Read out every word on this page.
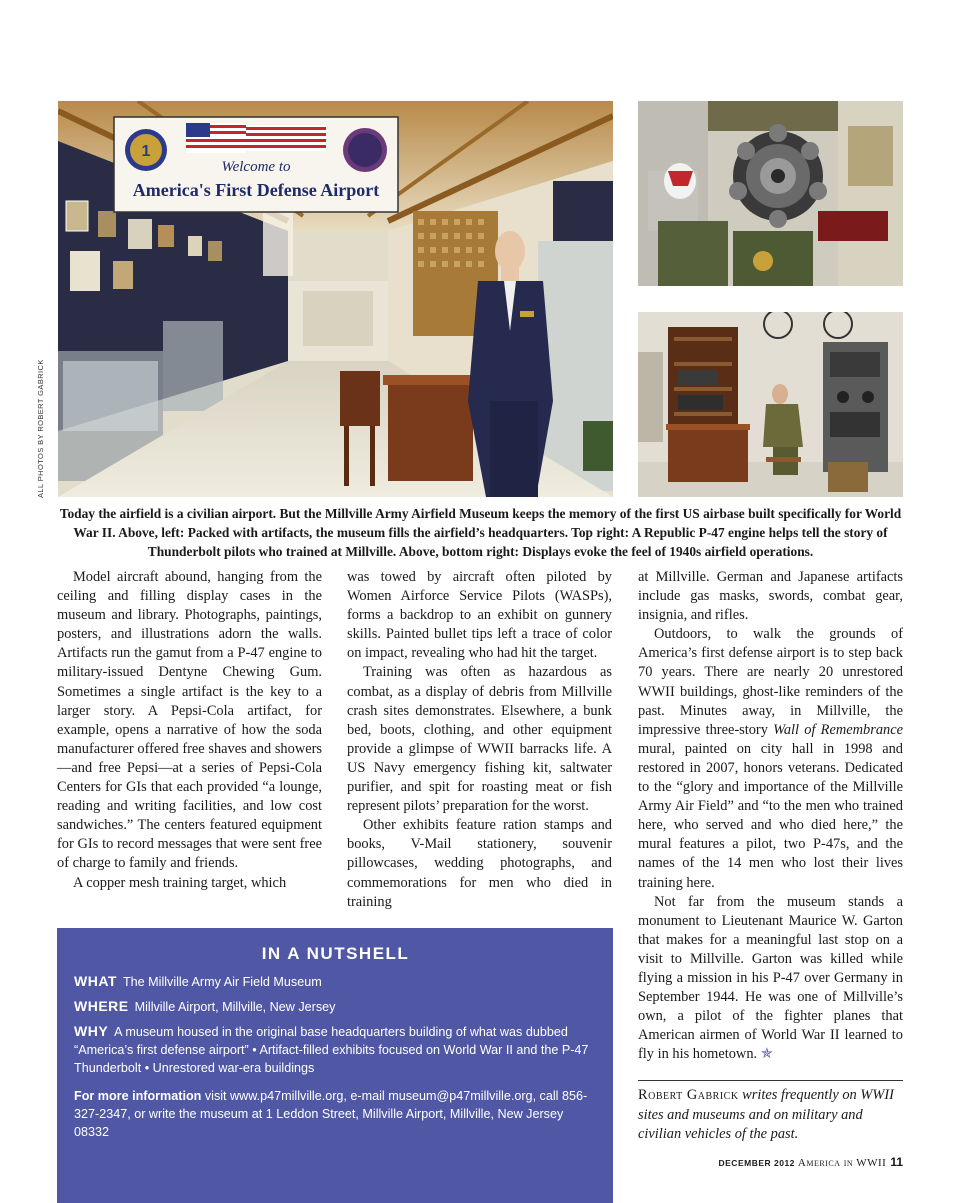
Welcome to
America's First Defense Airport
1
ALL PHOTOS BY ROBERT GABRICK
Today the airfield is a civilian airport. But the Millville Army Airfield Museum keeps the memory of the first US airbase built specifically for World War II. Above, left: Packed with artifacts, the museum fills the airfield’s headquarters. Top right: A Republic P-47 engine helps tell the story of Thunderbolt pilots who trained at Millville. Above, bottom right: Displays evoke the feel of 1940s airfield operations.

Model aircraft abound, hanging from the ceiling and filling display cases in the museum and library. Photographs, paintings, posters, and illustrations adorn the walls. Artifacts run the gamut from a P-47 engine to military-issued Dentyne Chewing Gum. Sometimes a single artifact is the key to a larger story. A Pepsi-Cola artifact, for example, opens a narrative of how the soda manufacturer offered free shaves and showers—and free Pepsi—at a series of Pepsi-Cola Centers for GIs that each provided “a lounge, reading and writing facilities, and low cost sandwiches.” The centers featured equipment for GIs to record messages that were sent free of charge to family and friends.

A copper mesh training target, which

was towed by aircraft often piloted by Women Airforce Service Pilots (WASPs), forms a backdrop to an exhibit on gunnery skills. Painted bullet tips left a trace of color on impact, revealing who had hit the target.

Training was often as hazardous as combat, as a display of debris from Millville crash sites demonstrates. Elsewhere, a bunk bed, boots, clothing, and other equipment provide a glimpse of WWII barracks life. A US Navy emergency fishing kit, saltwater purifier, and spit for roasting meat or fish represent pilots’ preparation for the worst.

Other exhibits feature ration stamps and books, V-Mail stationery, souvenir pillowcases, wedding photographs, and commemorations for men who died in training

at Millville. German and Japanese artifacts include gas masks, swords, combat gear, insignia, and rifles.

Outdoors, to walk the grounds of America’s first defense airport is to step back 70 years. There are nearly 20 unrestored WWII buildings, ghost-like reminders of the past. Minutes away, in Millville, the impressive three-story Wall of Remembrance mural, painted on city hall in 1998 and restored in 2007, honors veterans. Dedicated to the “glory and importance of the Millville Army Air Field” and “to the men who trained here, who served and who died here,” the mural features a pilot, two P-47s, and the names of the 14 men who lost their lives training here.

Not far from the museum stands a monument to Lieutenant Maurice W. Garton that makes for a meaningful last stop on a visit to Millville. Garton was killed while flying a mission in his P-47 over Germany in September 1944. He was one of Millville’s own, a pilot of the fighter planes that American airmen of World War II learned to fly in his hometown. ✯

IN A NUTSHELL
WHAT The Millville Army Air Field Museum
WHERE Millville Airport, Millville, New Jersey
WHY A museum housed in the original base headquarters building of what was dubbed “America’s first defense airport” • Artifact-filled exhibits focused on World War II and the P-47 Thunderbolt • Unrestored war-era buildings
For more information visit www.p47millville.org, e-mail museum@p47millville.org, call 856-327-2347, or write the museum at 1 Leddon Street, Millville Airport, Millville, New Jersey 08332
Robert Gabrick writes frequently on WWII sites and museums and on military and civilian vehicles of the past.
DECEMBER 2012 America in WWII 11
